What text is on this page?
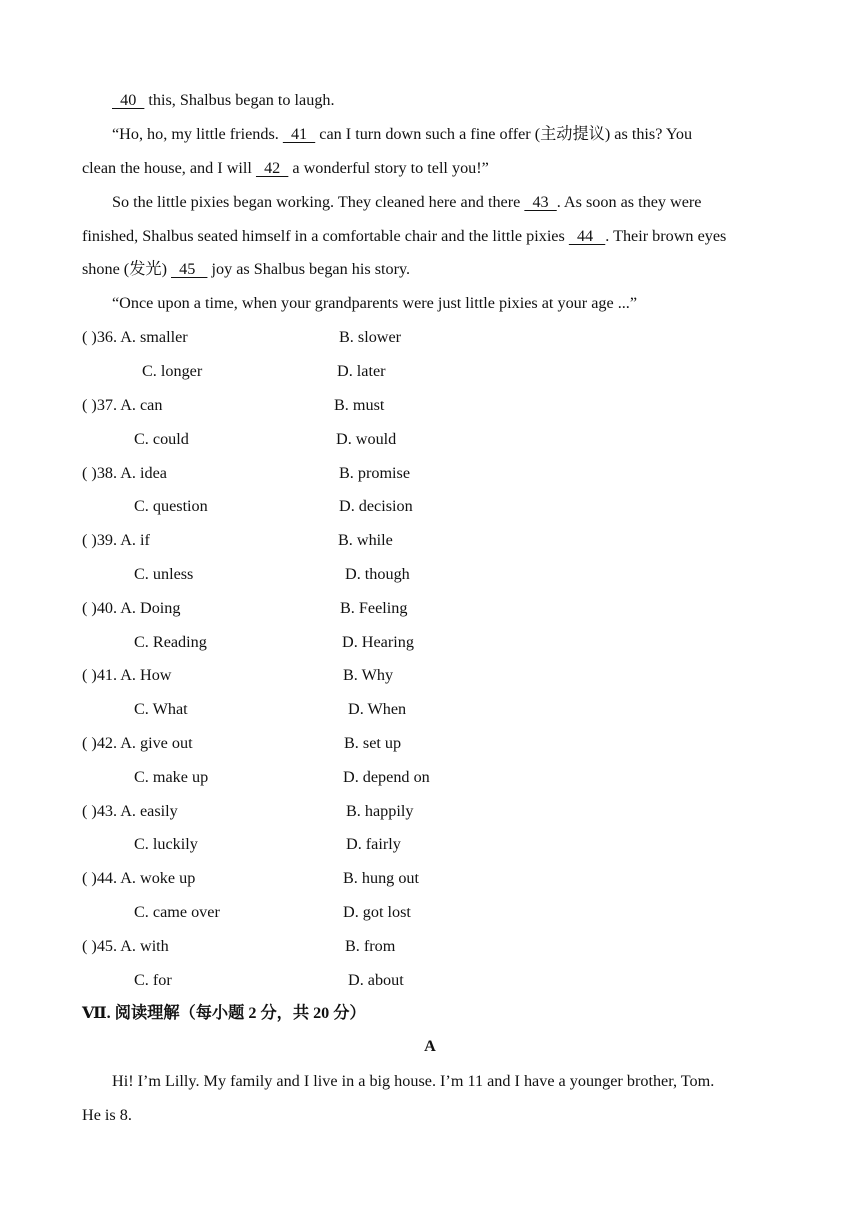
40   this, Shalbus began to laugh.
“Ho, ho, my little friends.   41   can I turn down such a fine offer (主动提议) as this? You
clean the house, and I will   42   a wonderful story to tell you!”
So the little pixies began working. They cleaned here and there   43  . As soon as they were
finished, Shalbus seated himself in a comfortable chair and the little pixies   44   . Their brown eyes
shone (发光)   45    joy as Shalbus began his story.
“Once upon a time, when your grandparents were just little pixies at your age ...”
( )36. A. smaller	B. slower
C. longer	D. later
( )37. A. can	B. must
C. could	D. would
( )38. A. idea	B. promise
C. question	D. decision
( )39. A. if	B. while
C. unless	D. though
( )40. A. Doing	B. Feeling
C. Reading	D. Hearing
( )41. A. How	B. Why
C. What	D. When
( )42. A. give out	B. set up
C. make up	D. depend on
( )43. A. easily	B. happily
C. luckily	D. fairly
( )44. A. woke up	B. hung out
C. came over	D. got lost
( )45. A. with	B. from
C. for	D. about
Ⅶ. 阅读理解（每小题 2 分，共 20 分）
A
Hi! I’m Lilly. My family and I live in a big house. I’m 11 and I have a younger brother, Tom.
He is 8.
